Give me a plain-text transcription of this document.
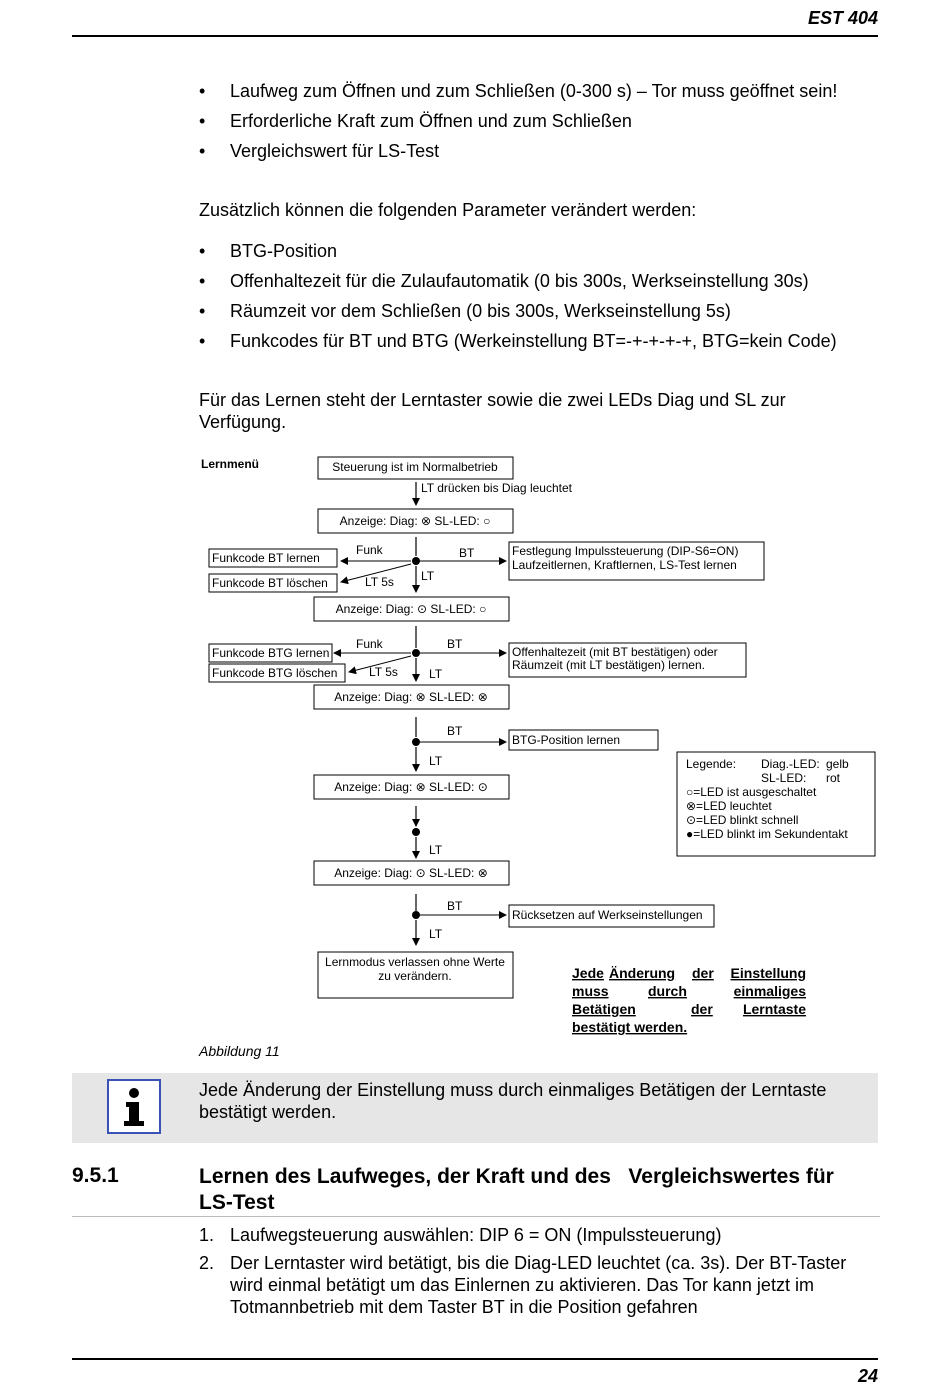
EST 404
• Laufweg zum Öffnen und zum Schließen (0-300 s) – Tor muss geöffnet sein!
• Erforderliche Kraft zum Öffnen und zum Schließen
• Vergleichswert für LS-Test
Zusätzlich können die folgenden Parameter verändert werden:
• BTG-Position
• Offenhaltezeit für die Zulaufautomatik (0 bis 300s, Werkseinstellung 30s)
• Räumzeit vor dem Schließen (0 bis 300s, Werkseinstellung 5s)
• Funkcodes für BT und BTG (Werkeinstellung BT=-+-+-+-+, BTG=kein Code)
Für das Lernen steht der Lerntaster sowie die zwei LEDs Diag und SL zur Verfügung.
Lernmenü	Steuerung ist im Normalbetrieb
LT drücken bis Diag leuchtet
Anzeige: Diag: ⊗ SL-LED: ○
LT
BT
Funk
LT 5s
Funkcode BT lernen
Funkcode BT löschen
Festlegung Impulssteuerung (DIP-S6=ON)
Laufzeitlernen, Kraftlernen, LS-Test lernen
Anzeige: Diag: ⊙ SL-LED: ○
LT
BT
Funk
LT 5s
Funkcode BTG lernen
Funkcode BTG löschen
Offenhaltezeit (mit BT bestätigen) oder
Räumzeit (mit LT bestätigen) lernen.
Anzeige: Diag: ⊗ SL-LED: ⊗
LT
BT
BTG-Position lernen
Anzeige: Diag: ⊗ SL-LED: ⊙
LT
Anzeige: Diag: ⊙ SL-LED: ⊗
LT
BT
Rücksetzen auf Werkseinstellungen
Lernmodus verlassen ohne Werte
zu verändern.
Legende: Diag.-LED: gelb
SL-LED: rot
○=LED ist ausgeschaltet
⊗=LED leuchtet
⊙=LED blinkt schnell
●=LED blinkt im Sekundentakt
Jede Änderung der Einstellung
muss	durch	einmaliges
Betätigen	der Lerntaste
bestätigt werden.
Abbildung 11
Jede Änderung der Einstellung muss durch einmaliges Betätigen der Lerntaste bestätigt werden.
9.5.1	Lernen des Laufweges, der Kraft und des   Vergleichswertes für LS-Test
1. Laufwegsteuerung auswählen: DIP 6 = ON (Impulssteuerung)
2. Der Lerntaster wird betätigt, bis die Diag-LED leuchtet (ca. 3s). Der BT-Taster wird einmal betätigt um das Einlernen zu aktivieren. Das Tor kann jetzt im Totmannbetrieb mit dem Taster BT in die Position gefahren
24
